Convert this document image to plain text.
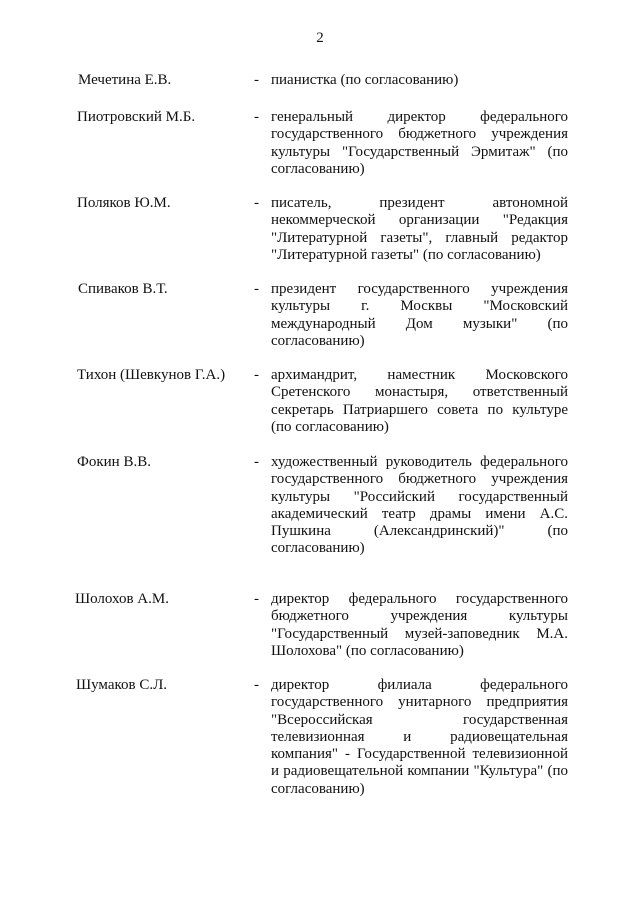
2
Мечетина Е.В.	- пианистка (по согласованию)
Пиотровский М.Б.	- генеральный директор федерального государственного бюджетного учреждения культуры "Государственный Эрмитаж" (по согласованию)
Поляков Ю.М.	- писатель, президент автономной некоммерческой организации "Редакция "Литературной газеты", главный редактор "Литературной газеты" (по согласованию)
Спиваков В.Т.	- президент государственного учреждения культуры г. Москвы "Московский международный Дом музыки" (по согласованию)
Тихон (Шевкунов Г.А.) - архимандрит, наместник Московского Сретенского монастыря, ответственный секретарь Патриаршего совета по культуре (по согласованию)
Фокин В.В.	- художественный руководитель федерального государственного бюджетного учреждения культуры "Российский государственный академический театр драмы имени А.С. Пушкина (Александринский)" (по согласованию)
Шолохов А.М.	- директор федерального государственного бюджетного учреждения культуры "Государственный музей-заповедник М.А. Шолохова" (по согласованию)
Шумаков С.Л.	- директор филиала федерального государственного унитарного предприятия "Всероссийская государственная телевизионная и радиовещательная компания" - Государственной телевизионной и радиовещательной компании "Культура" (по согласованию)
